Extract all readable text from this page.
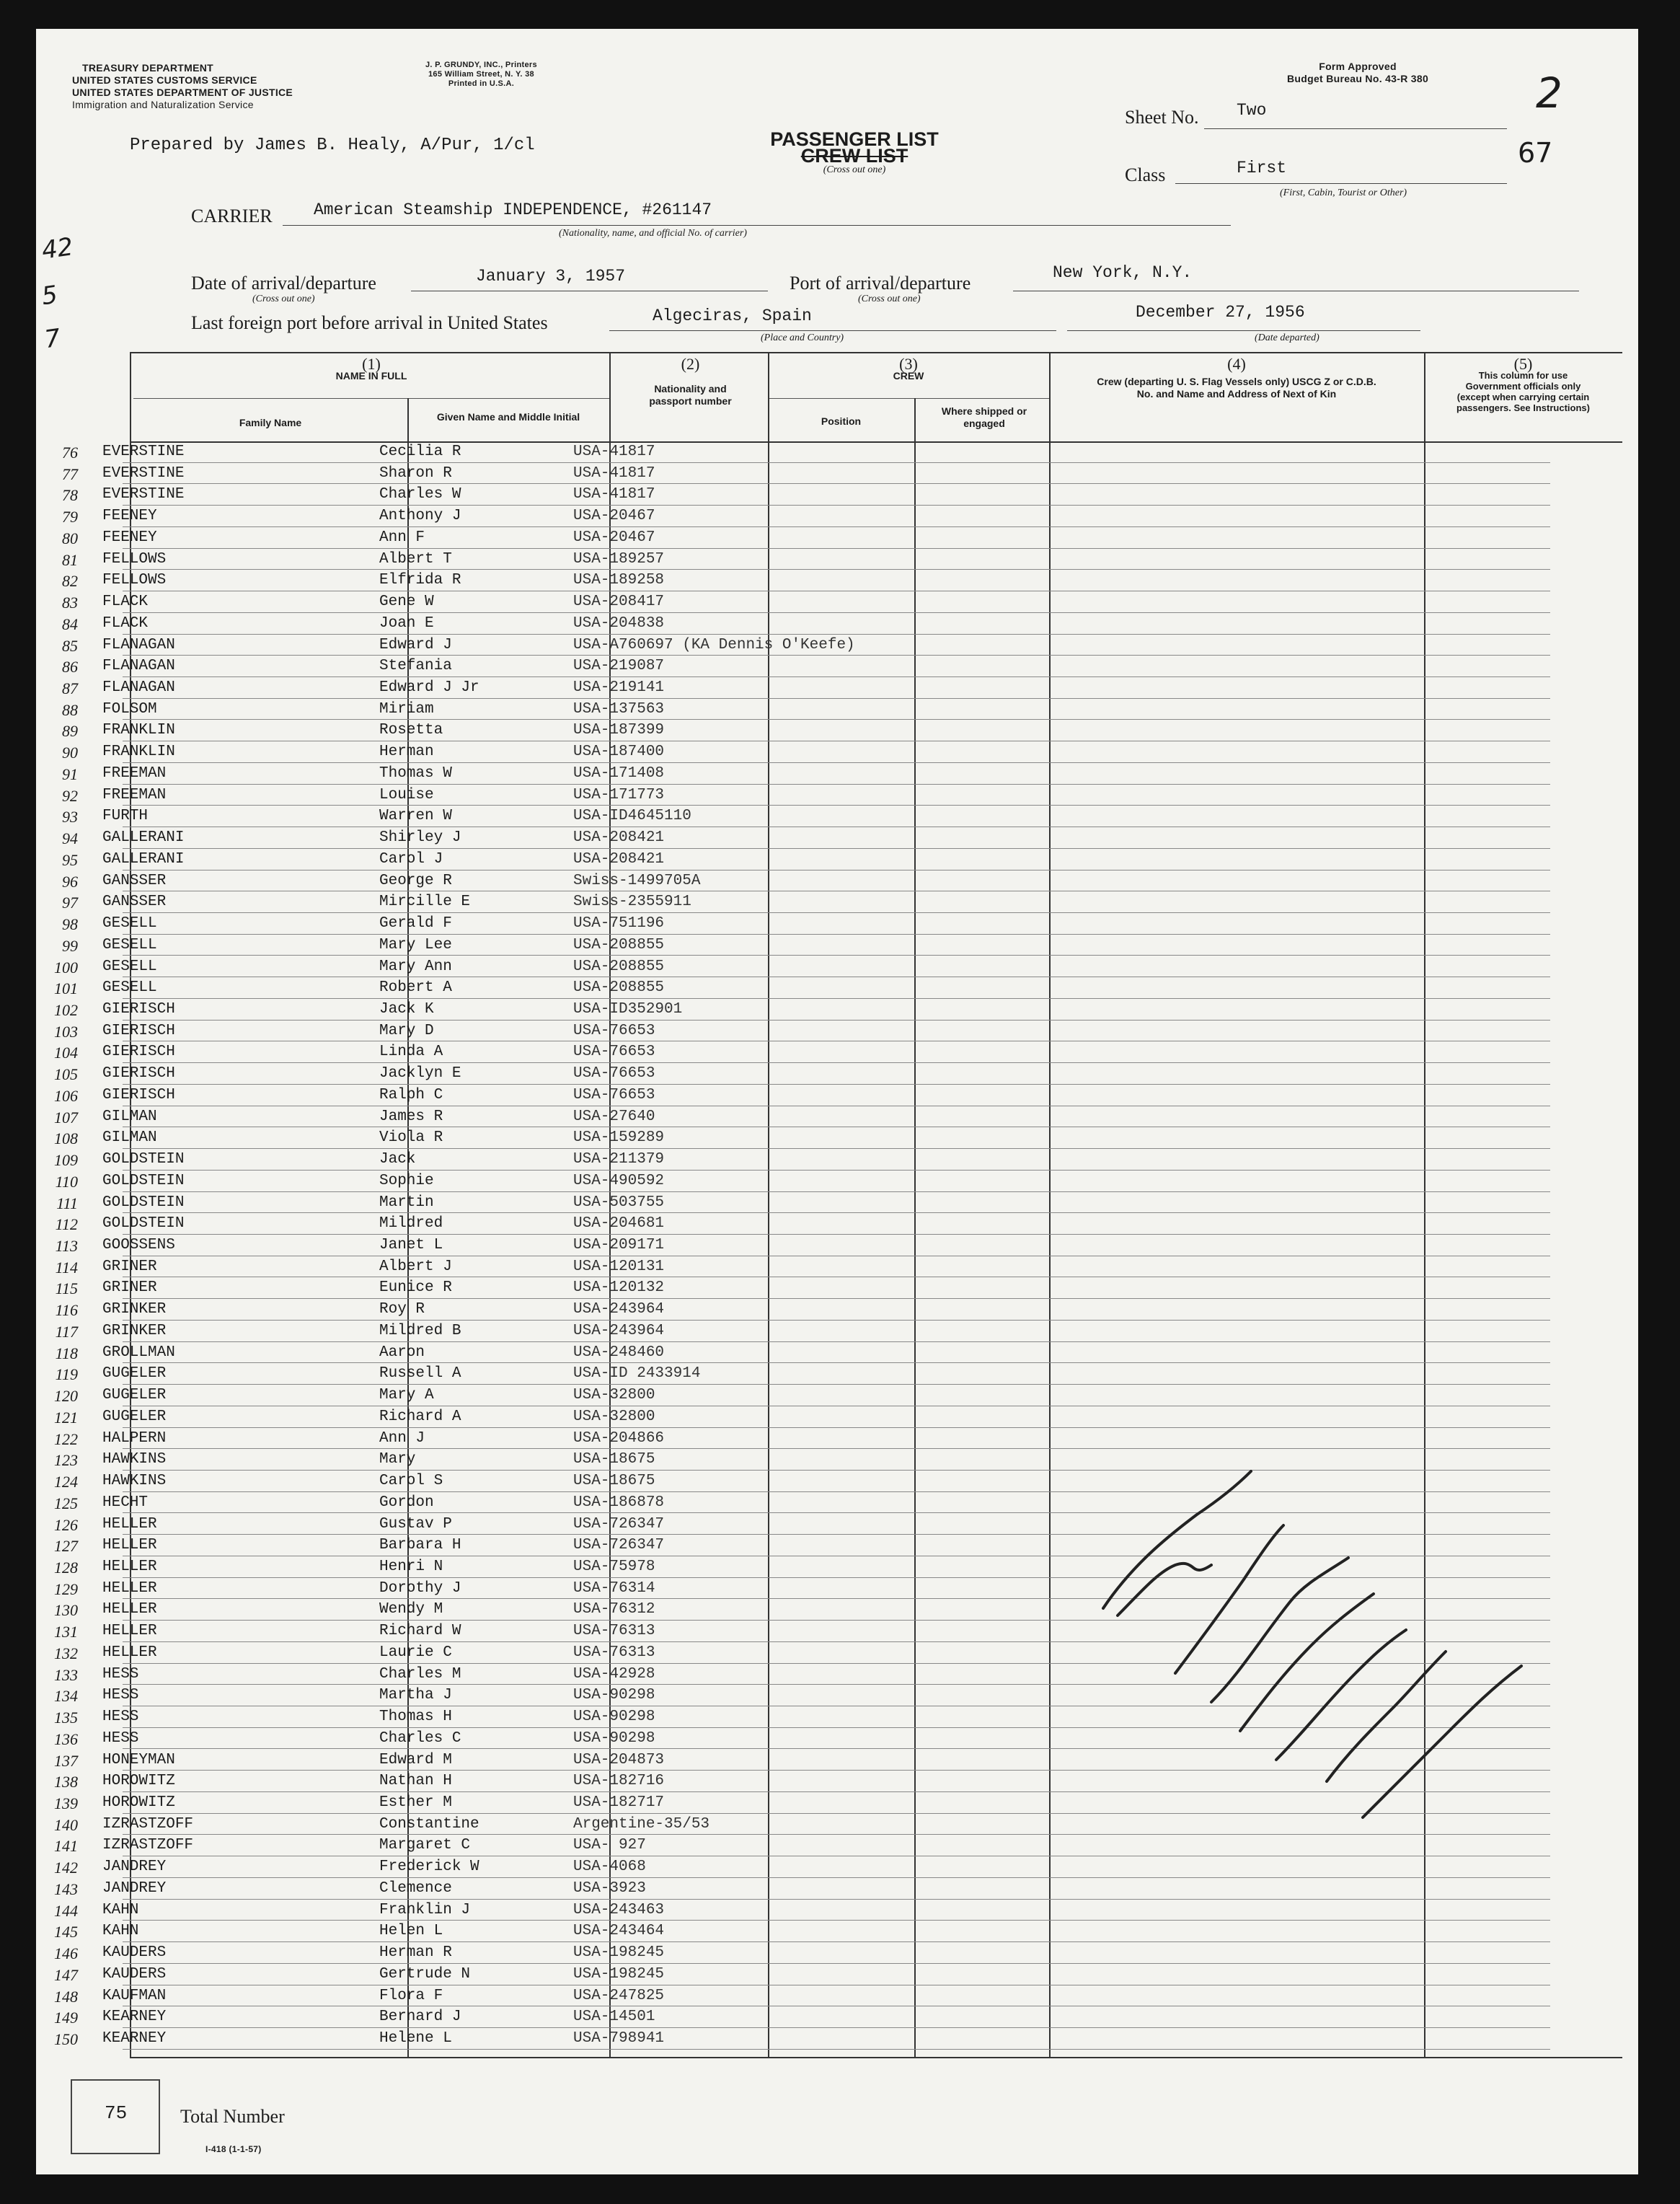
TREASURY DEPARTMENT
UNITED STATES CUSTOMS SERVICE
UNITED STATES DEPARTMENT OF JUSTICE
Immigration and Naturalization Service
J. P. GRUNDY, INC., Printers
165 William Street, N. Y. 38
Printed in U.S.A.
Form Approved
Budget Bureau No. 43-R 380	2
67
Prepared by James B. Healy, A/Pur, 1/cl	PASSENGER LIST
CREW LIST
(Cross out one)
Sheet No. Two
Class	First
(First, Cabin, Tourist or Other)
CARRIER American Steamship INDEPENDENCE, #261147
(Nationality, name, and official No. of carrier)
Date of arrival/departure
(Cross out one)
January 3, 1957	Port of arrival/departure
(Cross out one)
New York, N.Y.
Last foreign port before arrival in United States	Algeciras, Spain
(Place and Country)
December 27, 1956
(Date departed)
42
5
7
(1)
NAME IN FULL
Family Name	Given Name and Middle Initial
(2)
Nationality and passport number
(3)
CREW
Position
Where shipped or engaged
(4)
Crew (departing U. S. Flag Vessels only) USCG Z or C.D.B. No. and Name and Address of Next of Kin
(5)
This column for use Government officials only (except when carrying certain passengers. See Instructions)
76 EVERSTINE	Cecilia R	USA-41817
77 EVERSTINE	Sharon R	USA-41817
78 EVERSTINE	Charles W	USA-41817
79 FEENEY	Anthony J	USA-20467
80 FEENEY	Ann F	USA-20467
81 FELLOWS	Albert T	USA-189257
82 FELLOWS	Elfrida R	USA-189258
83 FLACK	Gene W	USA-208417
84 FLACK	Joan E	USA-204838
85 FLANAGAN	Edward J	USA-A760697 (KA Dennis O'Keefe)
86 FLANAGAN	Stefania	USA-219087
87 FLANAGAN	Edward J Jr	USA-219141
88 FOLSOM	Miriam	USA-137563
89 FRANKLIN	Rosetta	USA-187399
90 FRANKLIN	Herman	USA-187400
91 FREEMAN	Thomas W	USA-171408
92 FREEMAN	Louise	USA-171773
93 FURTH	Warren W	USA-ID4645110
94 GALLERANI	Shirley J	USA-208421
95 GALLERANI	Carol J	USA-208421
96 GANSSER	George R	Swiss-1499705A
97 GANSSER	Mircille E	Swiss-2355911
98 GESELL	Gerald F	USA-751196
99 GESELL	Mary Lee	USA-208855
100 GESELL	Mary Ann	USA-208855
101 GESELL	Robert A	USA-208855
102 GIERISCH	Jack K	USA-ID352901
103 GIERISCH	Mary D	USA-76653
104 GIERISCH	Linda A	USA-76653
105 GIERISCH	Jacklyn E	USA-76653
106 GIERISCH	Ralph C	USA-76653
107 GILMAN	James R	USA-27640
108 GILMAN	Viola R	USA-159289
109 GOLDSTEIN	Jack	USA-211379
110 GOLDSTEIN	Sophie	USA-490592
111 GOLDSTEIN	Martin	USA-503755
112 GOLDSTEIN	Mildred	USA-204681
113 GOOSSENS	Janet L	USA-209171
114 GRINER	Albert J	USA-120131
115 GRINER	Eunice R	USA-120132
116 GRINKER	Roy R	USA-243964
117 GRINKER	Mildred B	USA-243964
118 GROLLMAN	Aaron	USA-248460
119 GUGELER	Russell A	USA-ID 2433914
120 GUGELER	Mary A	USA-32800
121 GUGELER	Richard A	USA-32800
122 HALPERN	Ann J	USA-204866
123 HAWKINS	Mary	USA-18675
124 HAWKINS	Carol S	USA-18675
125 HECHT	Gordon	USA-186878
126 HELLER	Gustav P	USA-726347
127 HELLER	Barbara H	USA-726347
128 HELLER	Henri N	USA-75978
129 HELLER	Dorothy J	USA-76314
130 HELLER	Wendy M	USA-76312
131 HELLER	Richard W	USA-76313
132 HELLER	Laurie C	USA-76313
133 HESS	Charles M	USA-42928
134 HESS	Martha J	USA-90298
135 HESS	Thomas H	USA-90298
136 HESS	Charles C	USA-90298
137 HONEYMAN	Edward M	USA-204873
138 HOROWITZ	Nathan H	USA-182716
139 HOROWITZ	Esther M	USA-182717
140 IZRASTZOFF	Constantine	Argentine-35/53
141 IZRASTZOFF	Margaret C	USA- 927
142 JANDREY	Frederick W	USA-4068
143 JANDREY	Clemence	USA-3923
144 KAHN	Franklin J	USA-243463
145 KAHN	Helen L	USA-243464
146 KAUDERS	Herman R	USA-198245
147 KAUDERS	Gertrude N	USA-198245
148 KAUFMAN	Flora F	USA-247825
149 KEARNEY	Bernard J	USA-14501
150 KEARNEY	Helene L	USA-798941
75	Total Number
I-418 (1-1-57)
